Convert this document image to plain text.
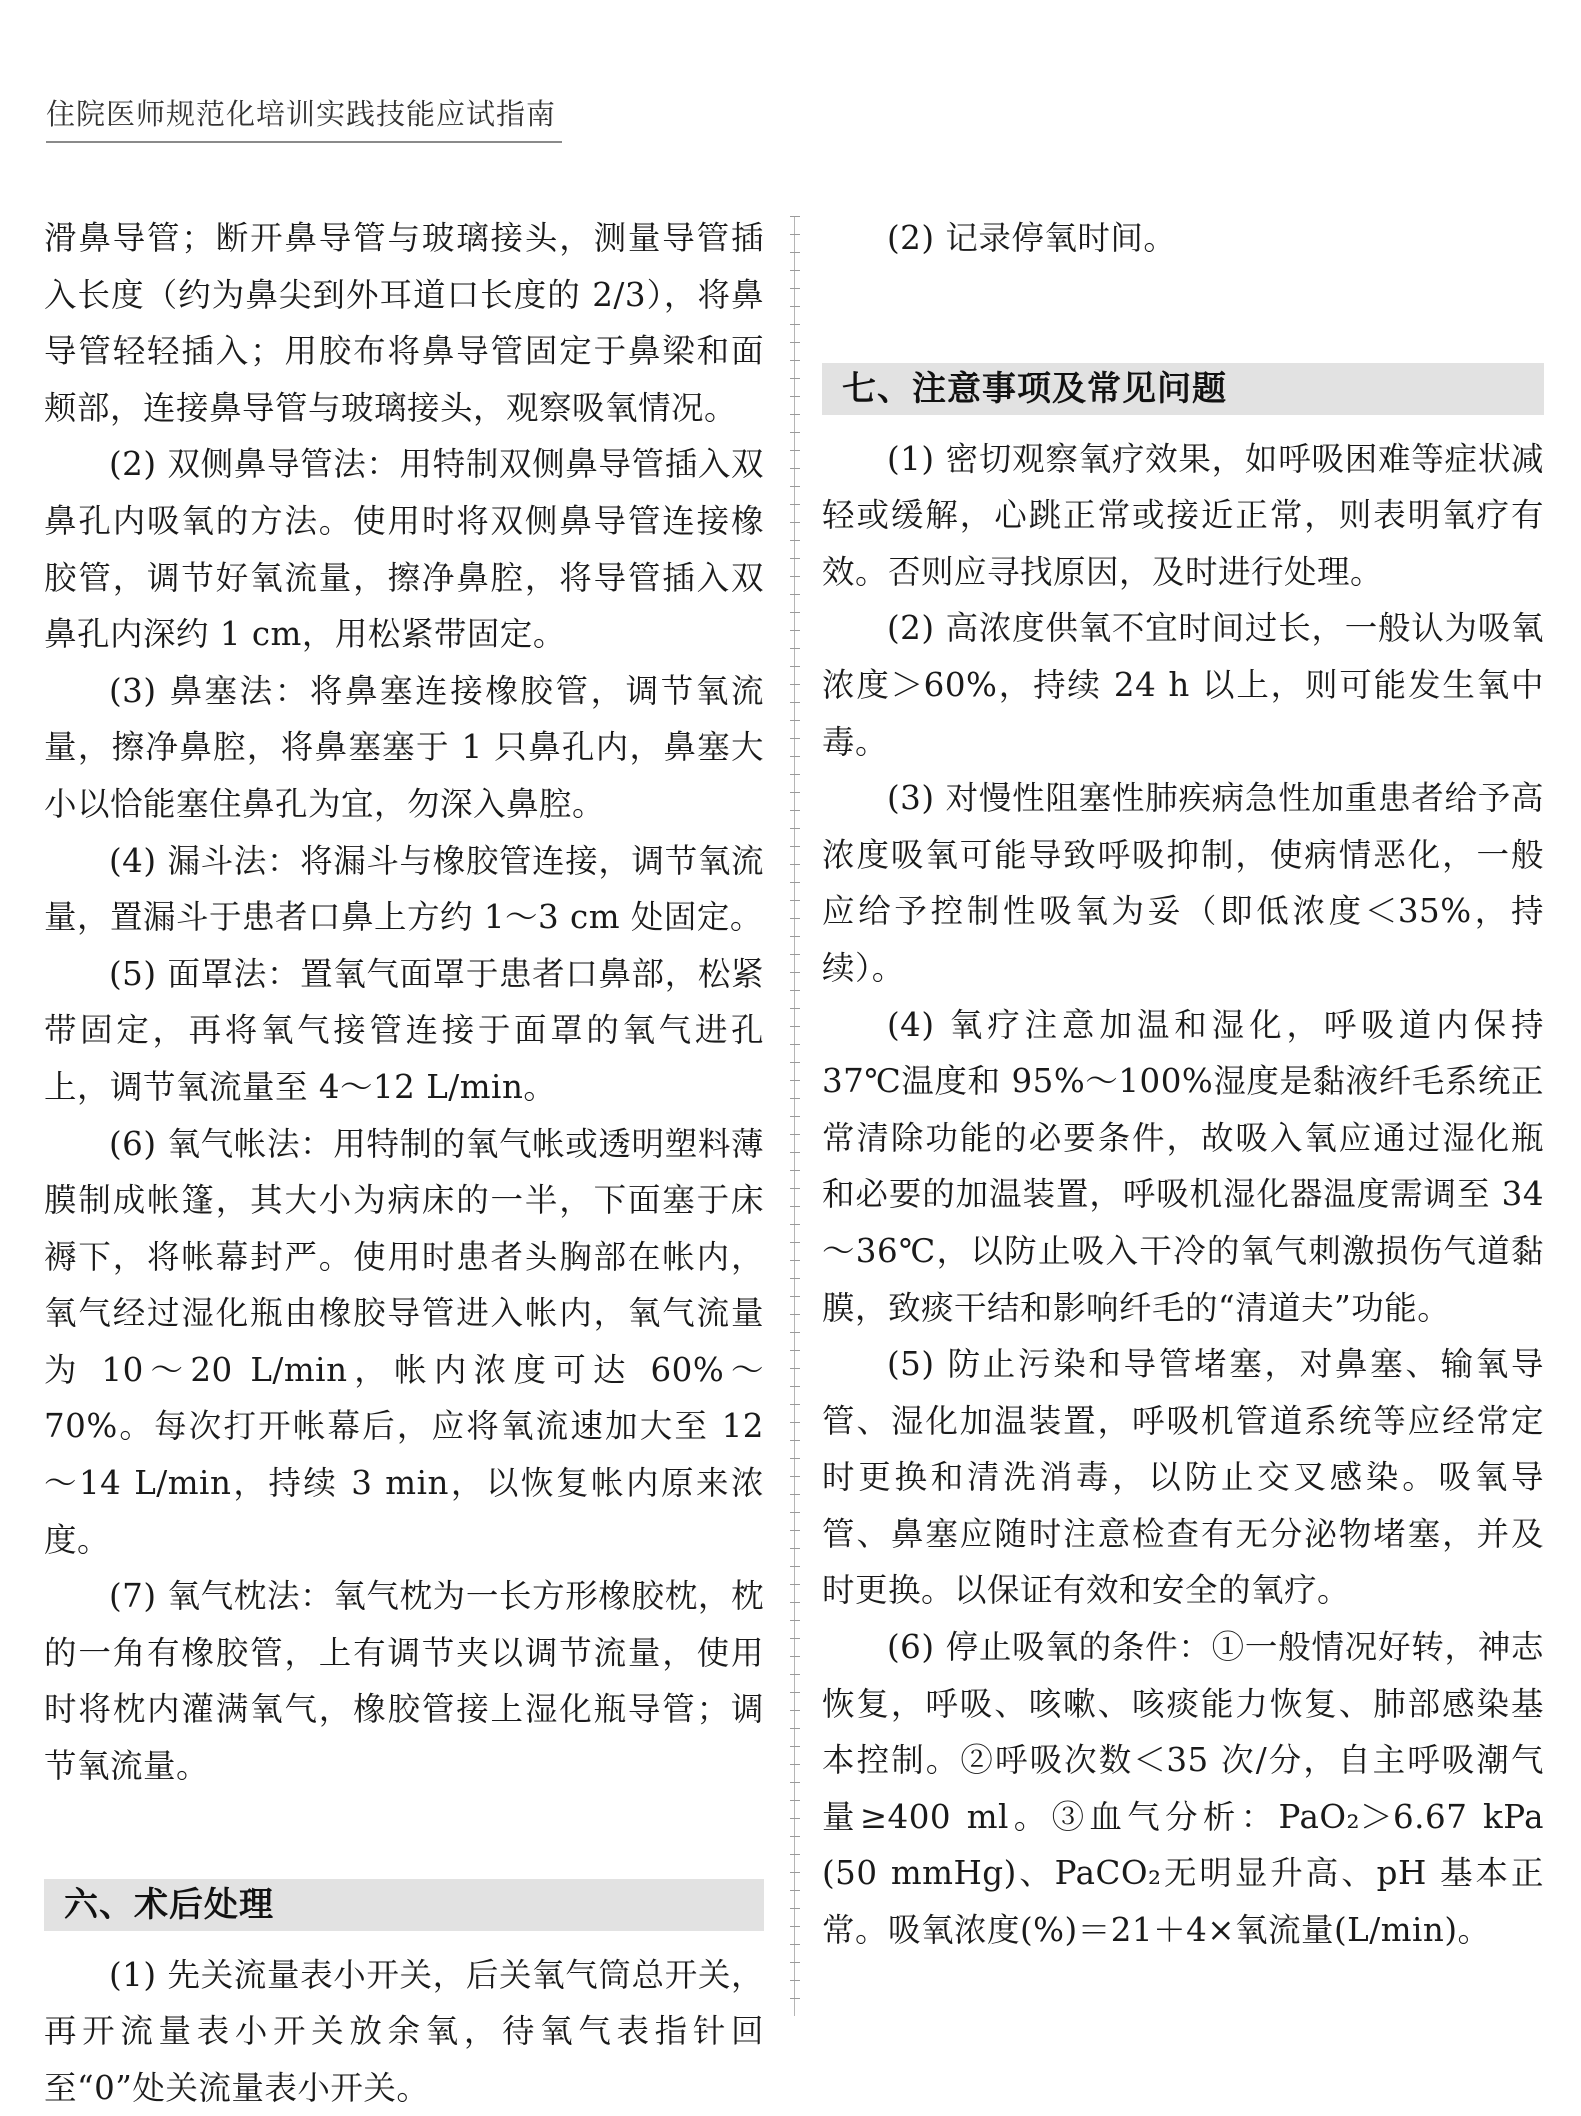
住院医师规范化培训实践技能应试指南

滑鼻导管；断开鼻导管与玻璃接头，测量导管插入长度（约为鼻尖到外耳道口长度的 2/3），将鼻导管轻轻插入；用胶布将鼻导管固定于鼻梁和面颊部，连接鼻导管与玻璃接头，观察吸氧情况。

(2) 双侧鼻导管法：用特制双侧鼻导管插入双鼻孔内吸氧的方法。使用时将双侧鼻导管连接橡胶管，调节好氧流量，擦净鼻腔，将导管插入双鼻孔内深约 1 cm，用松紧带固定。

(3) 鼻塞法：将鼻塞连接橡胶管，调节氧流量，擦净鼻腔，将鼻塞塞于 1 只鼻孔内，鼻塞大小以恰能塞住鼻孔为宜，勿深入鼻腔。

(4) 漏斗法：将漏斗与橡胶管连接，调节氧流量，置漏斗于患者口鼻上方约 1～3 cm 处固定。

(5) 面罩法：置氧气面罩于患者口鼻部，松紧带固定，再将氧气接管连接于面罩的氧气进孔上，调节氧流量至 4～12 L/min。

(6) 氧气帐法：用特制的氧气帐或透明塑料薄膜制成帐篷，其大小为病床的一半，下面塞于床褥下，将帐幕封严。使用时患者头胸部在帐内，氧气经过湿化瓶由橡胶导管进入帐内，氧气流量为 10～20 L/min，帐内浓度可达 60%～70%。每次打开帐幕后，应将氧流速加大至 12～14 L/min，持续 3 min，以恢复帐内原来浓度。

(7) 氧气枕法：氧气枕为一长方形橡胶枕，枕的一角有橡胶管，上有调节夹以调节流量，使用时将枕内灌满氧气，橡胶管接上湿化瓶导管；调节氧流量。

六、术后处理

(1) 先关流量表小开关，后关氧气筒总开关，再开流量表小开关放余氧，待氧气表指针回至“0”处关流量表小开关。

(2) 记录停氧时间。

七、注意事项及常见问题

(1) 密切观察氧疗效果，如呼吸困难等症状减轻或缓解，心跳正常或接近正常，则表明氧疗有效。否则应寻找原因，及时进行处理。

(2) 高浓度供氧不宜时间过长，一般认为吸氧浓度＞60%，持续 24 h 以上，则可能发生氧中毒。

(3) 对慢性阻塞性肺疾病急性加重患者给予高浓度吸氧可能导致呼吸抑制，使病情恶化，一般应给予控制性吸氧为妥（即低浓度＜35%，持续）。

(4) 氧疗注意加温和湿化，呼吸道内保持 37℃温度和 95%～100%湿度是黏液纤毛系统正常清除功能的必要条件，故吸入氧应通过湿化瓶和必要的加温装置，呼吸机湿化器温度需调至 34～36℃，以防止吸入干冷的氧气刺激损伤气道黏膜，致痰干结和影响纤毛的“清道夫”功能。

(5) 防止污染和导管堵塞，对鼻塞、输氧导管、湿化加温装置，呼吸机管道系统等应经常定时更换和清洗消毒，以防止交叉感染。吸氧导管、鼻塞应随时注意检查有无分泌物堵塞，并及时更换。以保证有效和安全的氧疗。

(6) 停止吸氧的条件：①一般情况好转，神志恢复，呼吸、咳嗽、咳痰能力恢复、肺部感染基本控制。②呼吸次数＜35 次/分，自主呼吸潮气量≥400 ml。③血气分析：PaO₂＞6.67 kPa (50 mmHg)、PaCO₂无明显升高、pH 基本正常。吸氧浓度(%)＝21＋4×氧流量(L/min)。
